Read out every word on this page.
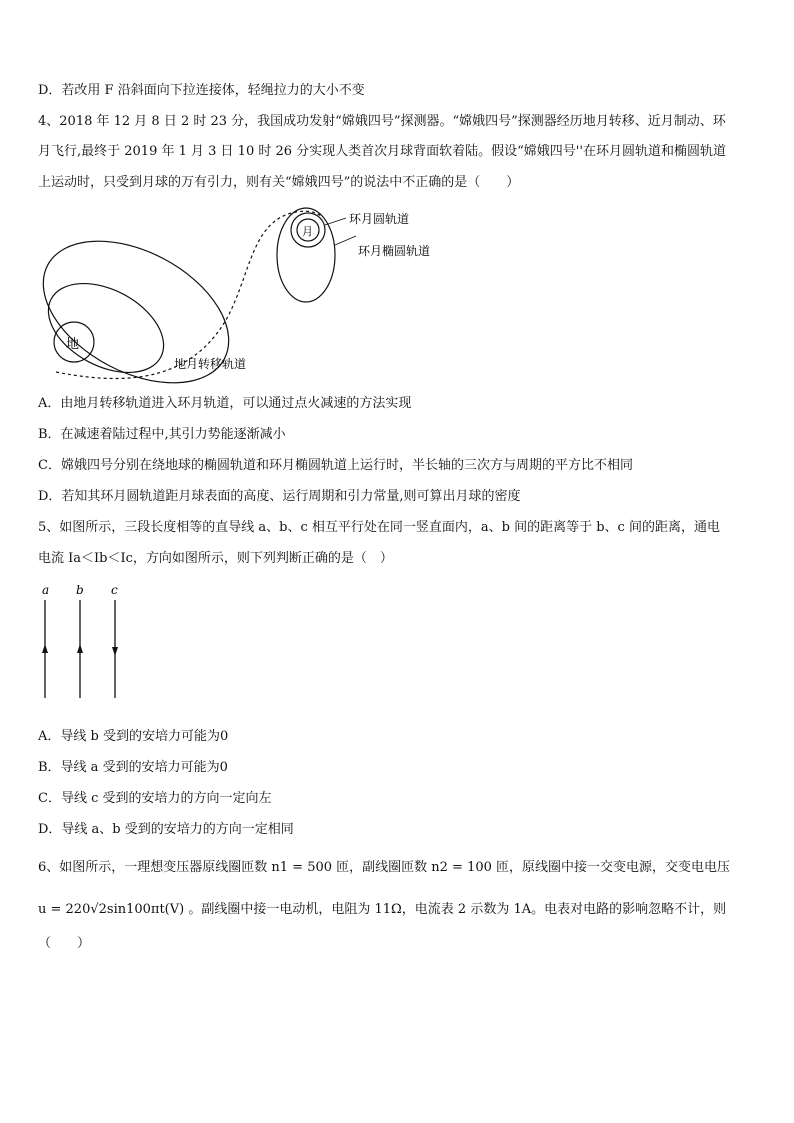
D．若改用 F 沿斜面向下拉连接体，轻绳拉力的大小不变
4、2018 年 12 月 8 日 2 时 23 分，我国成功发射“嫦娥四号”探测器。“嫦娥四号”探测器经历地月转移、近月制动、环
月飞行,最终于 2019 年 1 月 3 日 10 时 26 分实现人类首次月球背面软着陆。假设“嫦娥四号''在环月圆轨道和椭圆轨道
上运动时，只受到月球的万有引力，则有关“嫦娥四号”的说法中不正确的是（　　）
地
月
环月圆轨道
环月椭圆轨道
地月转移轨道
A．由地月转移轨道进入环月轨道，可以通过点火减速的方法实现
B．在减速着陆过程中,其引力势能逐渐减小
C．嫦娥四号分别在绕地球的椭圆轨道和环月椭圆轨道上运行时，半长轴的三次方与周期的平方比不相同
D．若知其环月圆轨道距月球表面的高度、运行周期和引力常量,则可算出月球的密度
5、如图所示，三段长度相等的直导线 a、b、c 相互平行处在同一竖直面内，a、b 间的距离等于 b、c 间的距离，通电
电流 Ia＜Ib＜Ic，方向如图所示，则下列判断正确的是（　）
a b c
A．导线 b 受到的安培力可能为0
B．导线 a 受到的安培力可能为0
C．导线 c 受到的安培力的方向一定向左
D．导线 a、b 受到的安培力的方向一定相同
6、如图所示，一理想变压器原线圈匝数 n1 = 500 匝，副线圈匝数 n2 = 100 匝，原线圈中接一交变电源，交变电电压
u = 220√2sin100πt(V) 。副线圈中接一电动机，电阻为 11Ω，电流表 2 示数为 1A。电表对电路的影响忽略不计，则
（　　）
